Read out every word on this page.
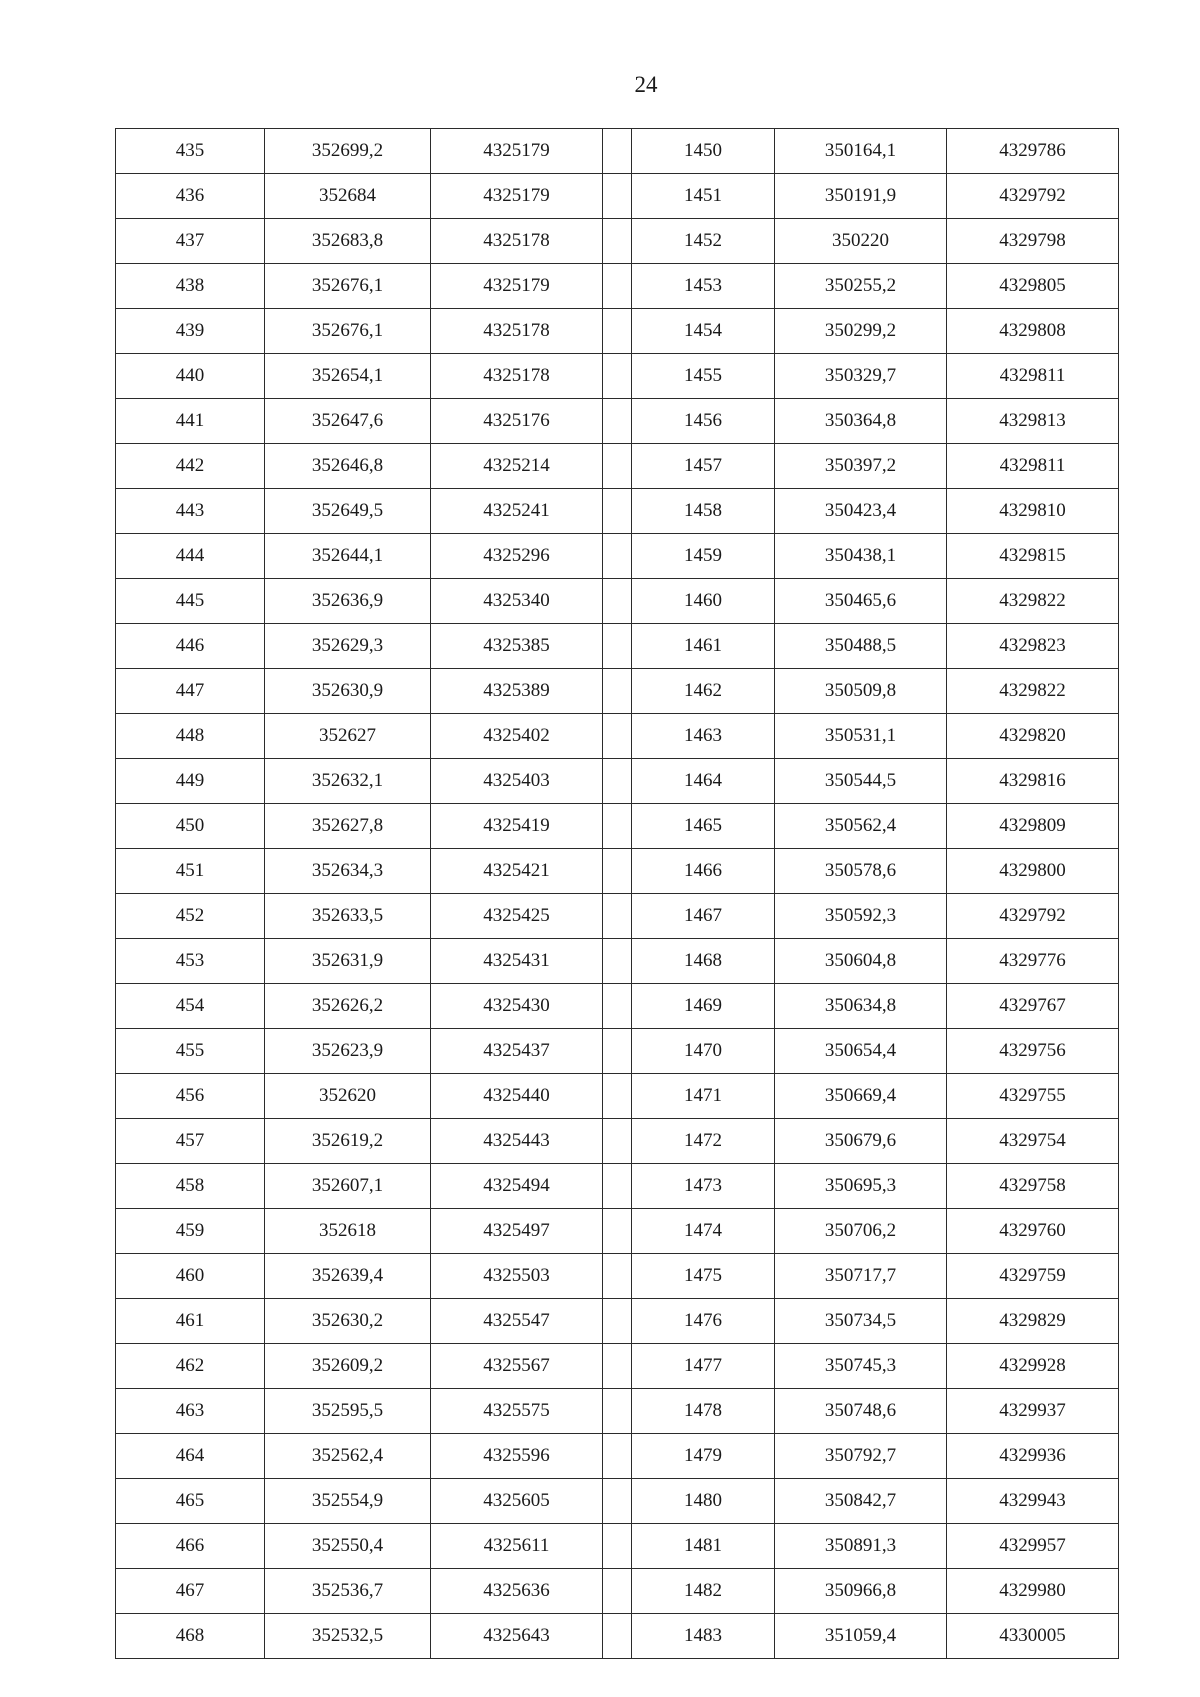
24
435	352699,2	4325179		1450	350164,1	4329786
436	352684	4325179		1451	350191,9	4329792
437	352683,8	4325178		1452	350220	4329798
438	352676,1	4325179		1453	350255,2	4329805
439	352676,1	4325178		1454	350299,2	4329808
440	352654,1	4325178		1455	350329,7	4329811
441	352647,6	4325176		1456	350364,8	4329813
442	352646,8	4325214		1457	350397,2	4329811
443	352649,5	4325241		1458	350423,4	4329810
444	352644,1	4325296		1459	350438,1	4329815
445	352636,9	4325340		1460	350465,6	4329822
446	352629,3	4325385		1461	350488,5	4329823
447	352630,9	4325389		1462	350509,8	4329822
448	352627	4325402		1463	350531,1	4329820
449	352632,1	4325403		1464	350544,5	4329816
450	352627,8	4325419		1465	350562,4	4329809
451	352634,3	4325421		1466	350578,6	4329800
452	352633,5	4325425		1467	350592,3	4329792
453	352631,9	4325431		1468	350604,8	4329776
454	352626,2	4325430		1469	350634,8	4329767
455	352623,9	4325437		1470	350654,4	4329756
456	352620	4325440		1471	350669,4	4329755
457	352619,2	4325443		1472	350679,6	4329754
458	352607,1	4325494		1473	350695,3	4329758
459	352618	4325497		1474	350706,2	4329760
460	352639,4	4325503		1475	350717,7	4329759
461	352630,2	4325547		1476	350734,5	4329829
462	352609,2	4325567		1477	350745,3	4329928
463	352595,5	4325575		1478	350748,6	4329937
464	352562,4	4325596		1479	350792,7	4329936
465	352554,9	4325605		1480	350842,7	4329943
466	352550,4	4325611		1481	350891,3	4329957
467	352536,7	4325636		1482	350966,8	4329980
468	352532,5	4325643		1483	351059,4	4330005
